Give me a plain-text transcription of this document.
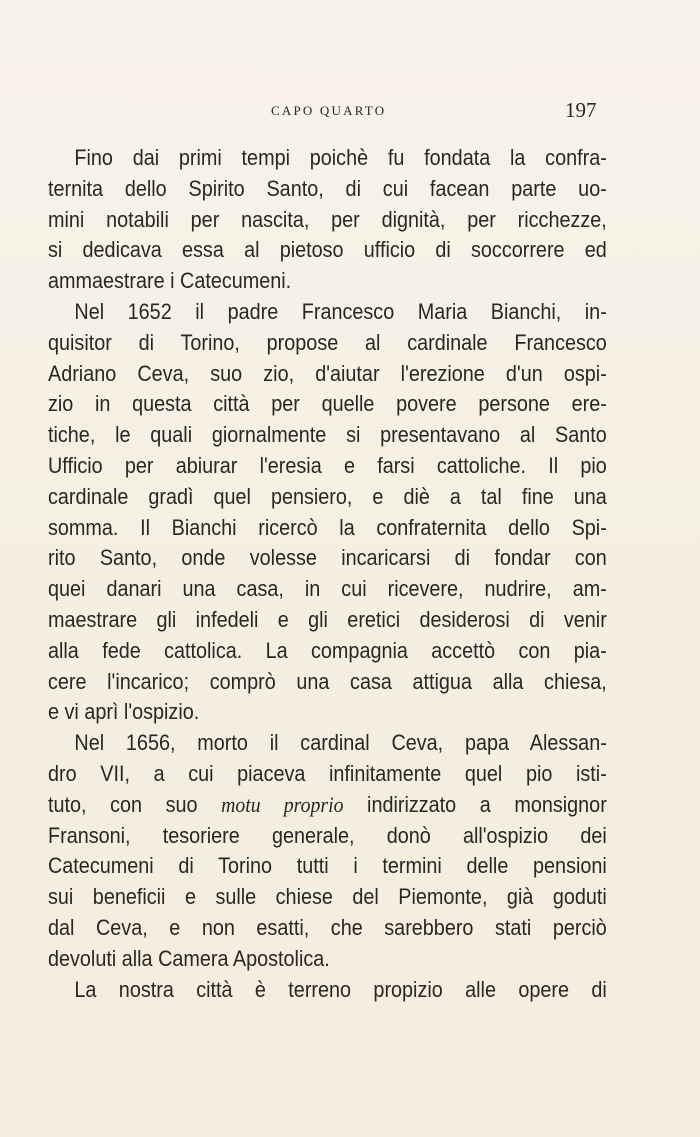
CAPO QUARTO	197
Fino dai primi tempi poichè fu fondata la confra-
ternita dello Spirito Santo, di cui facean parte uo-
mini notabili per nascita, per dignità, per ricchezze,
si dedicava essa al pietoso ufficio di soccorrere ed
ammaestrare i Catecumeni.
Nel 1652 il padre Francesco Maria Bianchi, in-
quisitor di Torino, propose al cardinale Francesco
Adriano Ceva, suo zio, d'aiutar l'erezione d'un ospi-
zio in questa città per quelle povere persone ere-
tiche, le quali giornalmente si presentavano al Santo
Ufficio per abiurar l'eresia e farsi cattoliche. Il pio
cardinale gradì quel pensiero, e diè a tal fine una
somma. Il Bianchi ricercò la confraternita dello Spi-
rito Santo, onde volesse incaricarsi di fondar con
quei danari una casa, in cui ricevere, nudrire, am-
maestrare gli infedeli e gli eretici desiderosi di venir
alla fede cattolica. La compagnia accettò con pia-
cere l'incarico; comprò una casa attigua alla chiesa,
e vi aprì l'ospizio.
Nel 1656, morto il cardinal Ceva, papa Alessan-
dro VII, a cui piaceva infinitamente quel pio isti-
tuto, con suo motu proprio indirizzato a monsignor
Fransoni, tesoriere generale, donò all'ospizio dei
Catecumeni di Torino tutti i termini delle pensioni
sui beneficii e sulle chiese del Piemonte, già goduti
dal Ceva, e non esatti, che sarebbero stati perciò
devoluti alla Camera Apostolica.
La nostra città è terreno propizio alle opere di
